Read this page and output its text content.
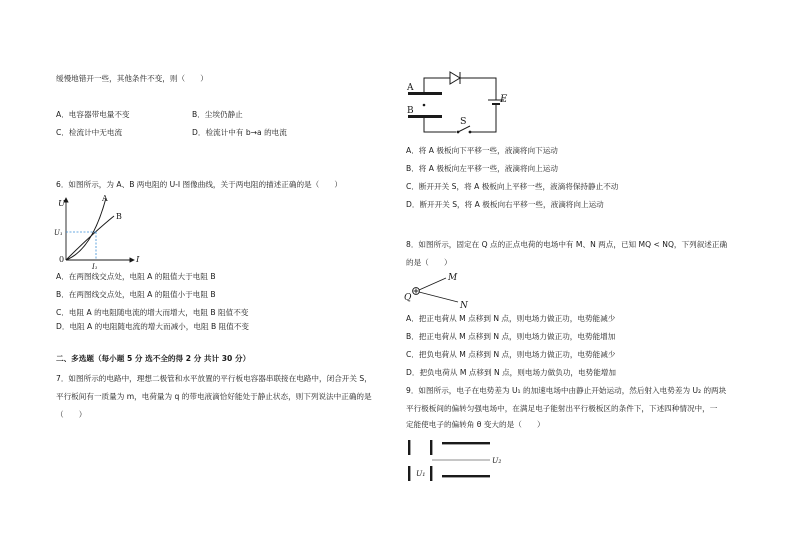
缓慢地错开一些，其他条件不变，则（　　）
A．电容器带电量不变	B．尘埃仍静止
C．检流计中无电流	D．检流计中有 b→a 的电流
6．如图所示，为 A、B 两电阻的 U-I 图像曲线，关于两电阻的描述正确的是（　　）
U
A
B
U₁
0	I
I₁
A．在两图线交点处，电阻 A 的阻值大于电阻 B
B．在两图线交点处，电阻 A 的阻值小于电阻 B
C．电阻 A 的电阻随电流的增大而增大，电阻 B 阻值不变
D．电阻 A 的电阻随电流的增大而减小，电阻 B 阻值不变
二、多选题（每小题 5 分 选不全的得 2 分 共计 30 分）
7．如图所示的电路中，理想二极管和水平放置的平行板电容器串联接在电路中，闭合开关 S，
平行板间有一质量为 m，电荷量为 q 的带电液滴恰好能处于静止状态，则下列说法中正确的是
（　　）
A
B
E
S
A．将 A 极板向下平移一些，液滴将向下运动
B．将 A 极板向左平移一些，液滴将向上运动
C．断开开关 S，将 A 极板向上平移一些，液滴将保持静止不动
D．断开开关 S，将 A 极板向右平移一些，液滴将向上运动
8．如图所示，固定在 Q 点的正点电荷的电场中有 M、N 两点，已知 MQ < NQ，下列叙述正确
的是（　　）
Q
M
N
A．把正电荷从 M 点移到 N 点，则电场力做正功，电势能减少
B．把正电荷从 M 点移到 N 点，则电场力做正功，电势能增加
C．把负电荷从 M 点移到 N 点，则电场力做正功，电势能减少
D．把负电荷从 M 点移到 N 点，则电场力做负功，电势能增加
9．如图所示，电子在电势差为 U₁ 的加速电场中由静止开始运动，然后射入电势差为 U₂ 的两块
平行极板间的偏转匀强电场中，在满足电子能射出平行极板区的条件下，下述四种情况中，一
定能使电子的偏转角 θ 变大的是（　　）
U₁
U₂
